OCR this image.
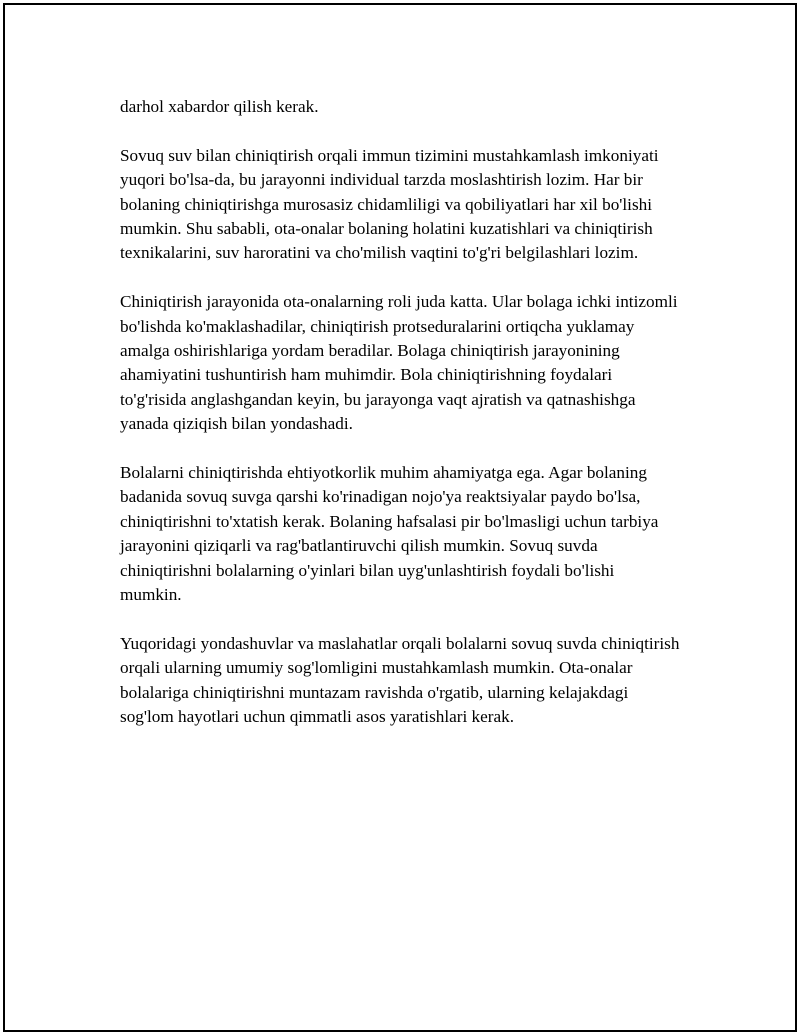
darhol xabardor qilish kerak.

Sovuq suv bilan chiniqtirish orqali immun tizimini mustahkamlash imkoniyati yuqori bo'lsa-da, bu jarayonni individual tarzda moslashtirish lozim. Har bir bolaning chiniqtirishga murosasiz chidamliligi va qobiliyatlari har xil bo'lishi mumkin. Shu sababli, ota-onalar bolaning holatini kuzatishlari va chiniqtirish texnikalarini, suv haroratini va cho'milish vaqtini to'g'ri belgilashlari lozim.

Chiniqtirish jarayonida ota-onalarning roli juda katta. Ular bolaga ichki intizomli bo'lishda ko'maklashadilar, chiniqtirish protseduralarini ortiqcha yuklamay amalga oshirishlariga yordam beradilar. Bolaga chiniqtirish jarayonining ahamiyatini tushuntirish ham muhimdir. Bola chiniqtirishning foydalari to'g'risida anglashgandan keyin, bu jarayonga vaqt ajratish va qatnashishga yanada qiziqish bilan yondashadi.

Bolalarni chiniqtirishda ehtiyotkorlik muhim ahamiyatga ega. Agar bolaning badanida sovuq suvga qarshi ko'rinadigan nojo'ya reaktsiyalar paydo bo'lsa, chiniqtirishni to'xtatish kerak. Bolaning hafsalasi pir bo'lmasligi uchun tarbiya jarayonini qiziqarli va rag'batlantiruvchi qilish mumkin. Sovuq suvda chiniqtirishni bolalarning o'yinlari bilan uyg'unlashtirish foydali bo'lishi mumkin.

Yuqoridagi yondashuvlar va maslahatlar orqali bolalarni sovuq suvda chiniqtirish orqali ularning umumiy sog'lomligini mustahkamlash mumkin. Ota-onalar bolalariga chiniqtirishni muntazam ravishda o'rgatib, ularning kelajakdagi sog'lom hayotlari uchun qimmatli asos yaratishlari kerak.
